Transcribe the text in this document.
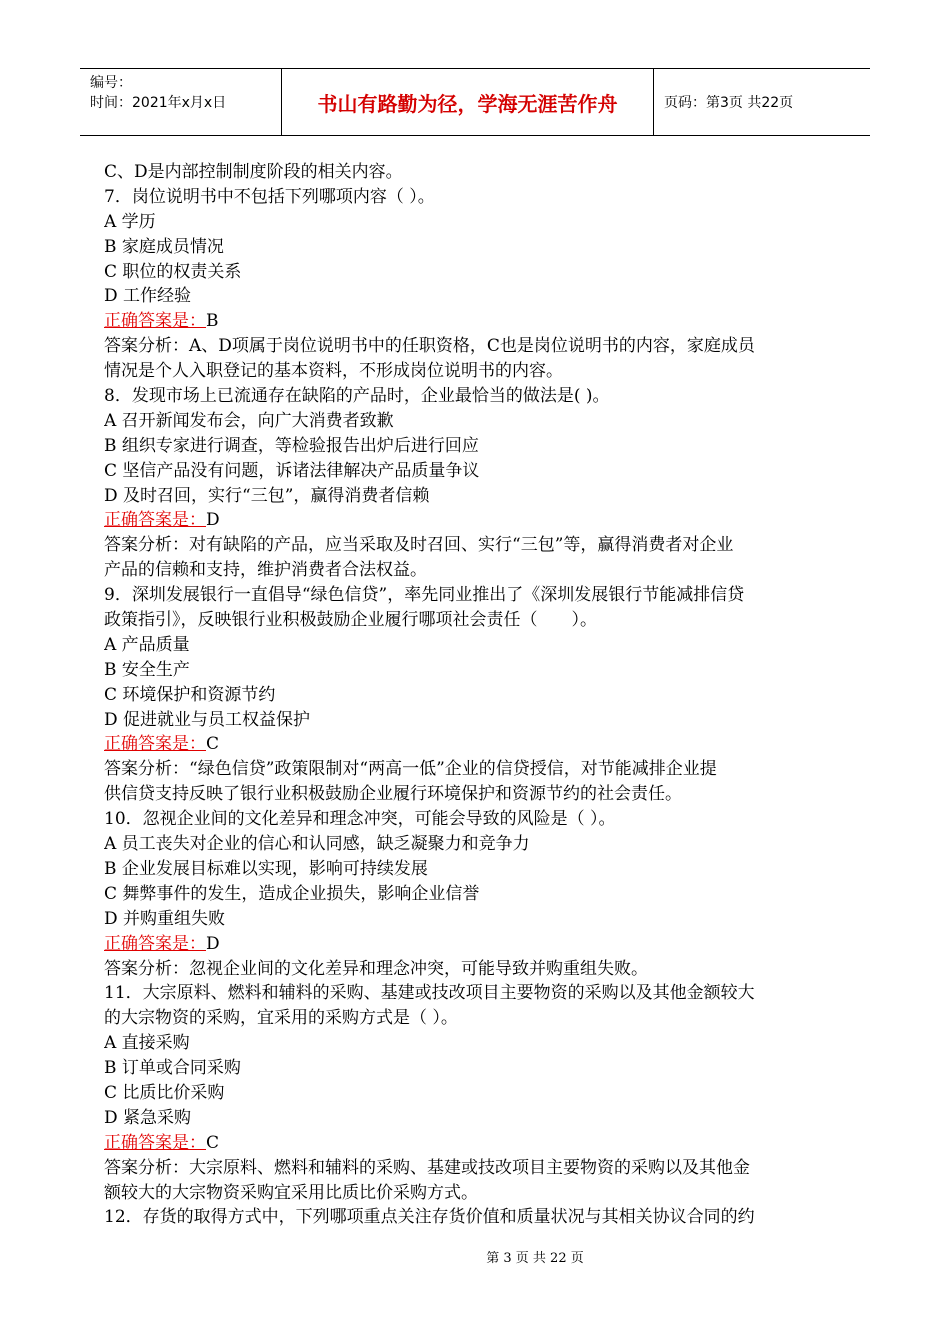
编号：
时间：2021年x月x日	书山有路勤为径，学海无涯苦作舟	页码：第3页 共22页
C、D是内部控制制度阶段的相关内容。
7．岗位说明书中不包括下列哪项内容（ ）。
A 学历
B 家庭成员情况
C 职位的权责关系
D 工作经验
正确答案是：B
答案分析：A、D项属于岗位说明书中的任职资格，C也是岗位说明书的内容，家庭成员
情况是个人入职登记的基本资料，不形成岗位说明书的内容。
8．发现市场上已流通存在缺陷的产品时，企业最恰当的做法是( )。
A 召开新闻发布会，向广大消费者致歉
B 组织专家进行调查，等检验报告出炉后进行回应
C 坚信产品没有问题，诉诸法律解决产品质量争议
D 及时召回，实行“三包”，赢得消费者信赖
正确答案是：D
答案分析：对有缺陷的产品，应当采取及时召回、实行“三包”等，赢得消费者对企业
产品的信赖和支持，维护消费者合法权益。
9．深圳发展银行一直倡导“绿色信贷”，率先同业推出了《深圳发展银行节能减排信贷
政策指引》，反映银行业积极鼓励企业履行哪项社会责任（　　）。
A 产品质量
B 安全生产
C 环境保护和资源节约
D 促进就业与员工权益保护
正确答案是：C
答案分析：“绿色信贷”政策限制对“两高一低”企业的信贷授信，对节能减排企业提
供信贷支持反映了银行业积极鼓励企业履行环境保护和资源节约的社会责任。
10．忽视企业间的文化差异和理念冲突，可能会导致的风险是（ ）。
A 员工丧失对企业的信心和认同感，缺乏凝聚力和竞争力
B 企业发展目标难以实现，影响可持续发展
C 舞弊事件的发生，造成企业损失，影响企业信誉
D 并购重组失败
正确答案是：D
答案分析：忽视企业间的文化差异和理念冲突，可能导致并购重组失败。
11．大宗原料、燃料和辅料的采购、基建或技改项目主要物资的采购以及其他金额较大
的大宗物资的采购，宜采用的采购方式是（ ）。
A 直接采购
B 订单或合同采购
C 比质比价采购
D 紧急采购
正确答案是：C
答案分析：大宗原料、燃料和辅料的采购、基建或技改项目主要物资的采购以及其他金
额较大的大宗物资采购宜采用比质比价采购方式。
12．存货的取得方式中，下列哪项重点关注存货价值和质量状况与其相关协议合同的约
第 3 页 共 22 页
